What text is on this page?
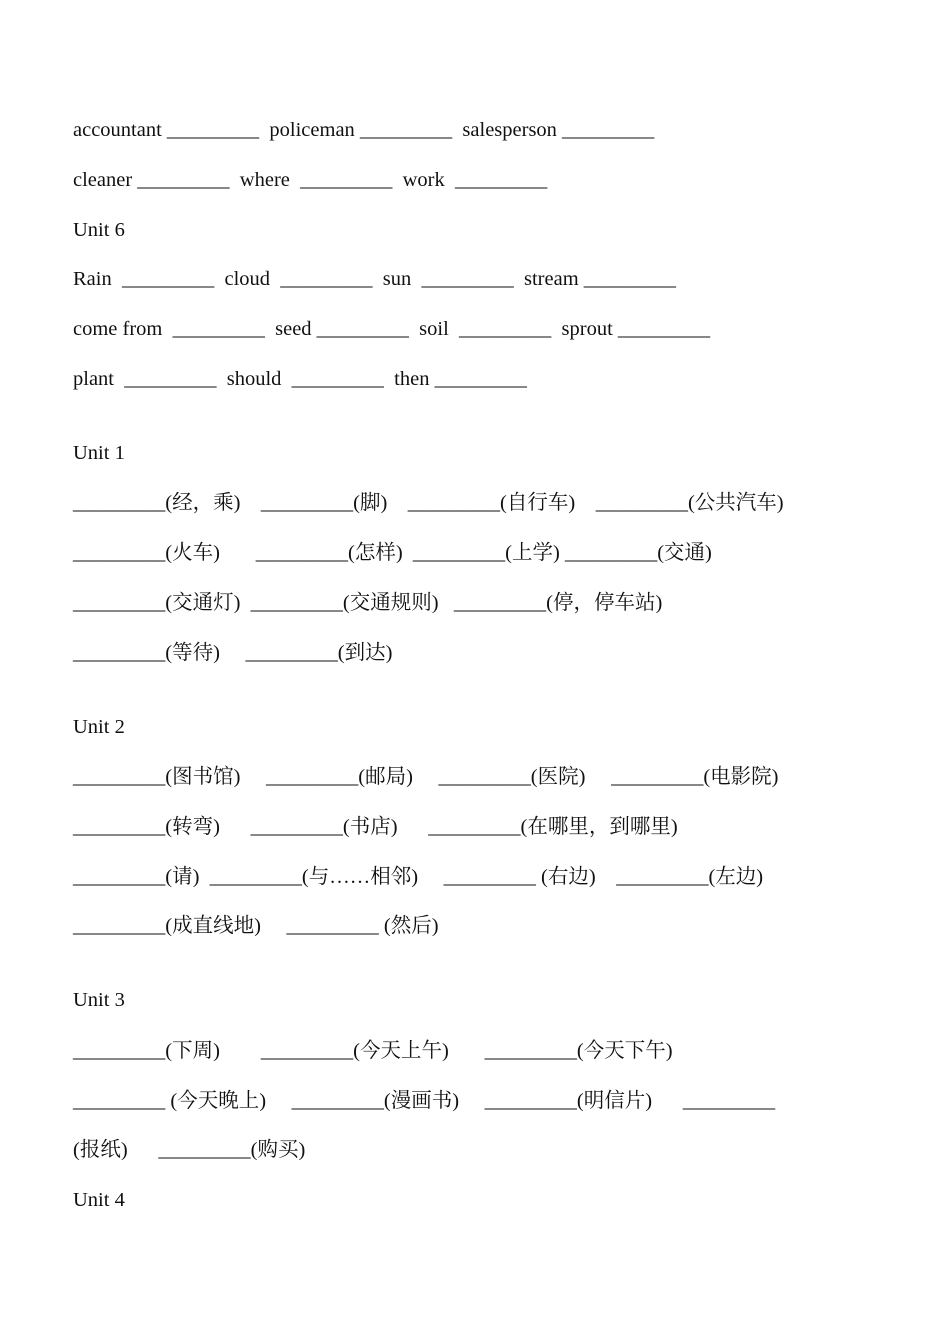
accountant _________  policeman _________  salesperson _________
cleaner _________  where  _________  work  _________
Unit 6
Rain  _________  cloud  _________  sun  _________  stream _________
come from  _________  seed _________  soil  _________  sprout _________
plant  _________  should  _________  then _________
Unit 1
_________(经，乘)    _________(脚)    _________(自行车)    _________(公共汽车)
_________(火车)       _________(怎样)  _________(上学) _________(交通)
_________(交通灯)  _________(交通规则)   _________(停，停车站)
_________(等待)     _________(到达)
Unit 2
_________(图书馆)     _________(邮局)     _________(医院)     _________(电影院)
_________(转弯)      _________(书店)      _________(在哪里，到哪里)
_________(请)  _________(与……相邻)     _________ (右边)    _________(左边)
_________(成直线地)     _________ (然后)
Unit 3
_________(下周)        _________(今天上午)       _________(今天下午)
_________ (今天晚上)     _________(漫画书)     _________(明信片)      _________
(报纸)      _________(购买)
Unit 4
